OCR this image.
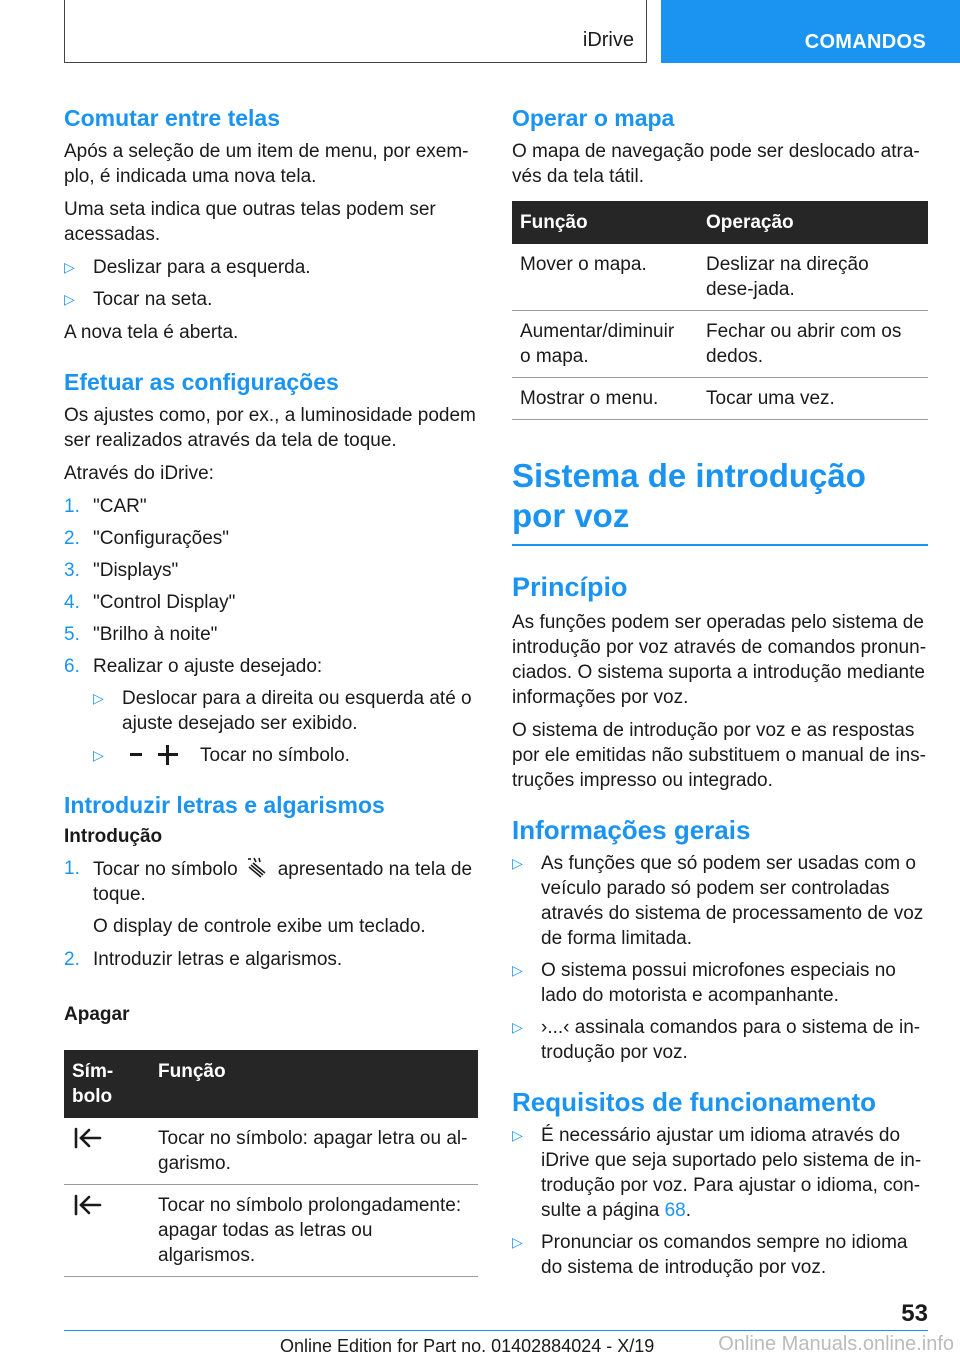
iDrive	COMANDOS
Comutar entre telas

Após a seleção de um item de menu, por exem‐plo, é indicada uma nova tela.

Uma seta indica que outras telas podem ser acessadas.

▷ Deslizar para a esquerda.
▷ Tocar na seta.

A nova tela é aberta.

Efetuar as configurações

Os ajustes como, por ex., a luminosidade podem ser realizados através da tela de toque.

Através do iDrive:

1. "CAR"
2. "Configurações"
3. "Displays"
4. "Control Display"
5. "Brilho à noite"
6. Realizar o ajuste desejado:
▷ Deslocar para a direita ou esquerda até o ajuste desejado ser exibido.
▷	Tocar no símbolo.
Introduzir letras e algarismos
Introdução
1. Tocar no símbolo apresentado na tela de toque.

O display de controle exibe um teclado.

2. Introduzir letras e algarismos.
Apagar
Sím‐bolo	Função
	Tocar no símbolo: apagar letra ou al‐garismo.
	Tocar no símbolo prolongadamente: apagar todas as letras ou algarismos.
Operar o mapa

O mapa de navegação pode ser deslocado atra‐vés da tela tátil.

Função	Operação
Mover o mapa.	Deslizar na direção dese‐jada.
Aumentar/diminuir o mapa.	Fechar ou abrir com os dedos.
Mostrar o menu.	Tocar uma vez.
Sistema de introdução por voz
Princípio

As funções podem ser operadas pelo sistema de introdução por voz através de comandos pronun‐ciados. O sistema suporta a introdução mediante informações por voz.

O sistema de introdução por voz e as respostas por ele emitidas não substituem o manual de ins‐truções impresso ou integrado.

Informações gerais
▷ As funções que só podem ser usadas com o veículo parado só podem ser controladas através do sistema de processamento de voz de forma limitada.
▷ O sistema possui microfones especiais no lado do motorista e acompanhante.
▷ ›...‹ assinala comandos para o sistema de in‐trodução por voz.
Requisitos de funcionamento
▷ É necessário ajustar um idioma através do iDrive que seja suportado pelo sistema de in‐trodução por voz. Para ajustar o idioma, con‐sulte a página 68.
▷ Pronunciar os comandos sempre no idioma do sistema de introdução por voz.
53
Online Edition for Part no. 01402884024 - X/19	Online Manuals.online.info
